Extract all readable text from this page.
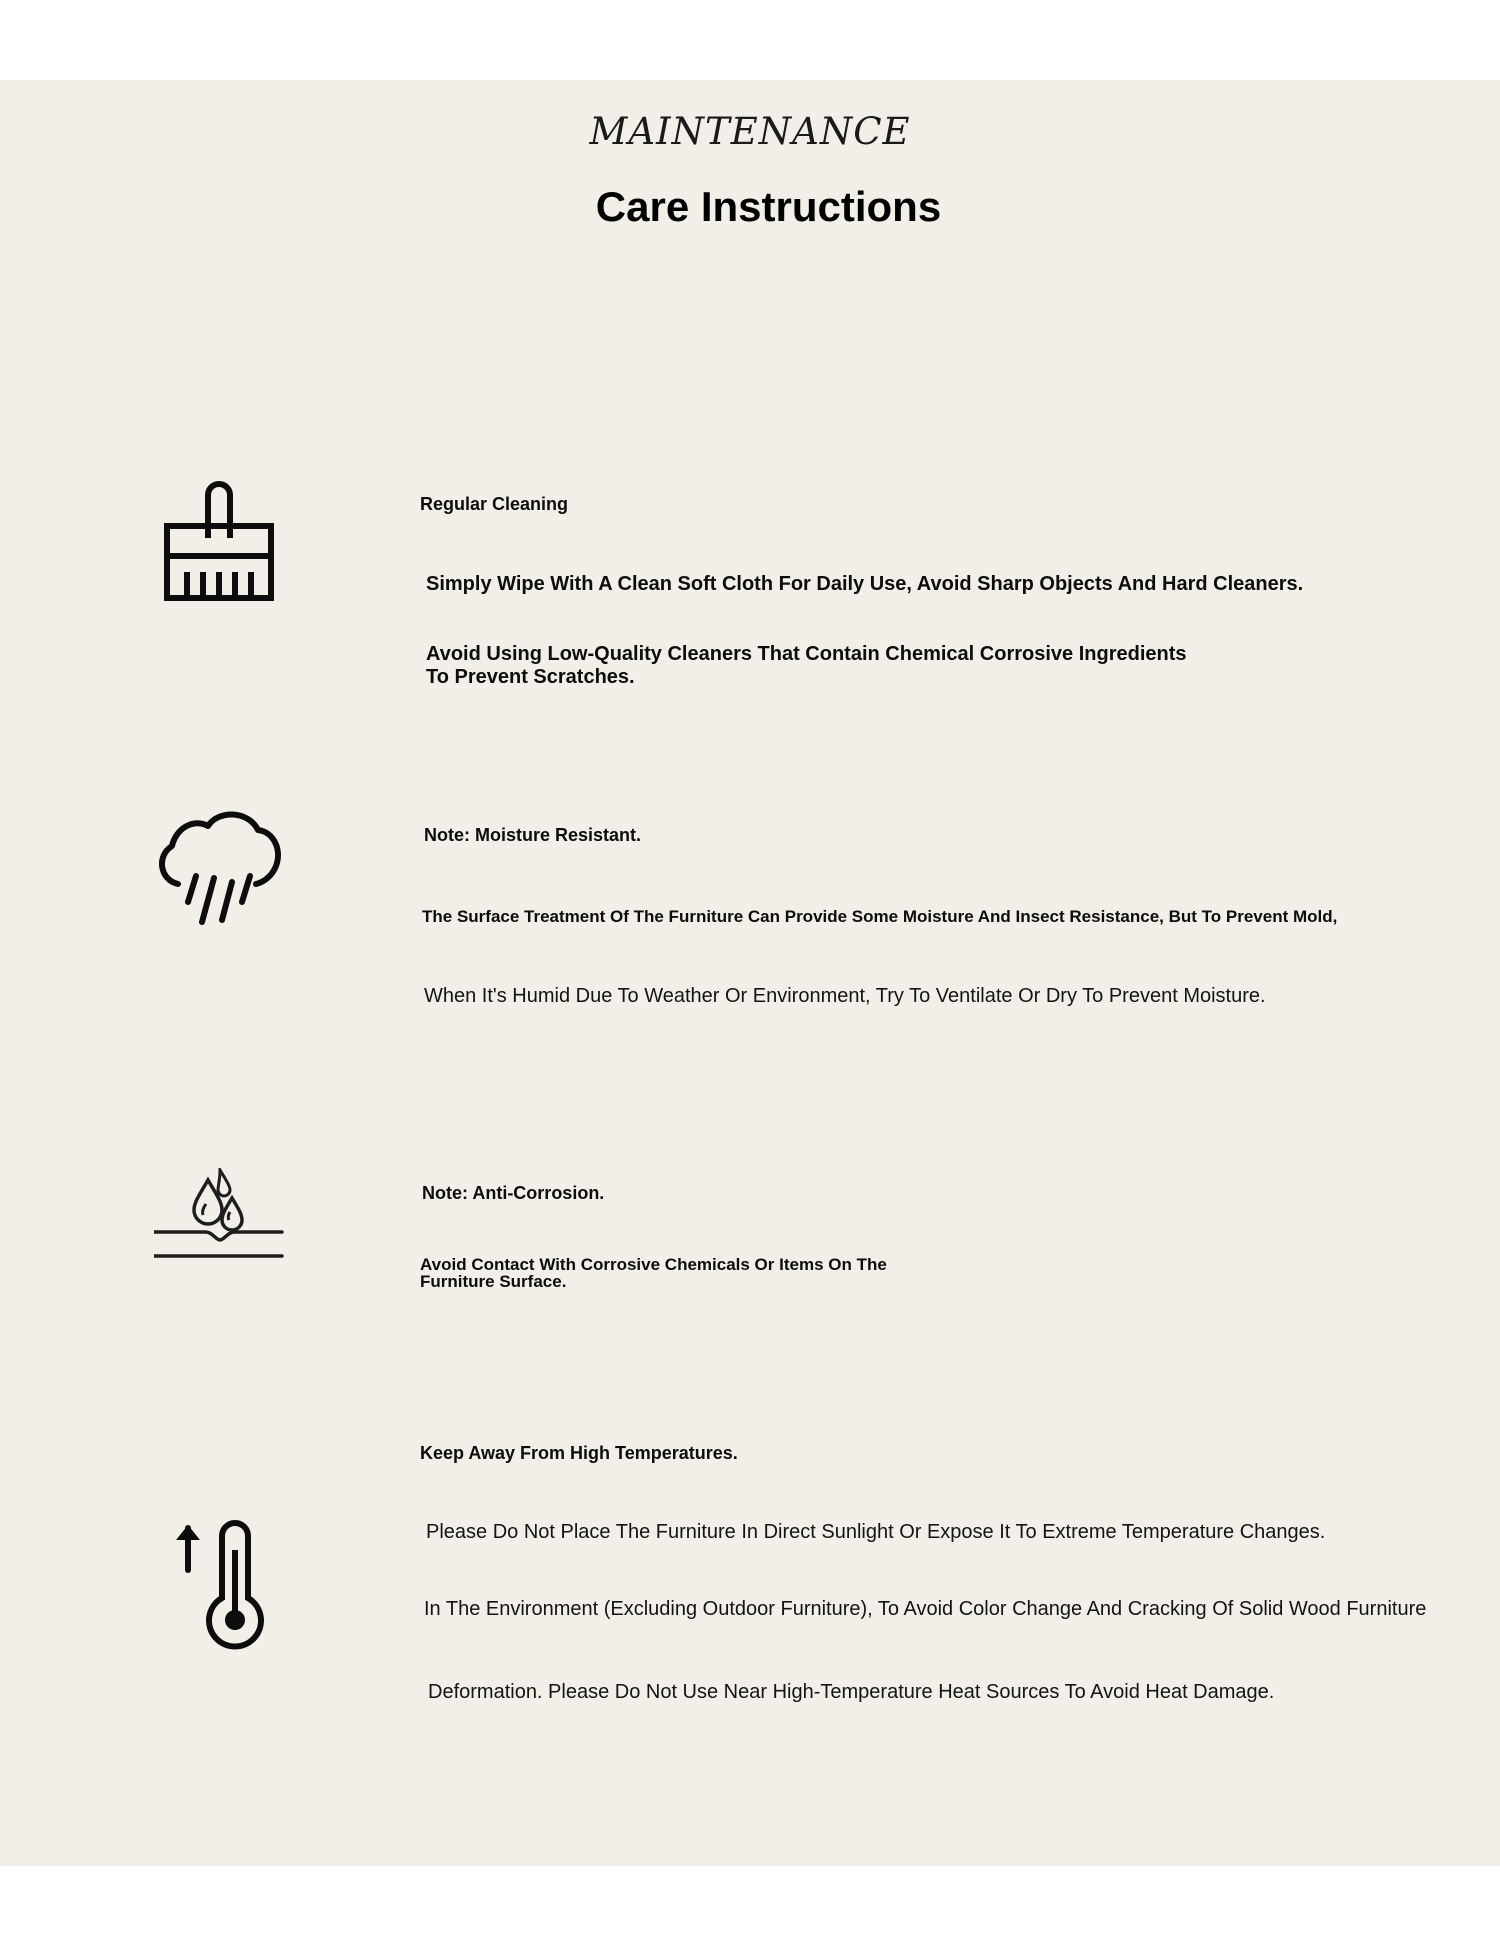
MAINTENANCE
Care Instructions
Regular Cleaning
Simply Wipe With A Clean Soft Cloth For Daily Use, Avoid Sharp Objects And Hard Cleaners.
Avoid Using Low-Quality Cleaners That Contain Chemical Corrosive Ingredients
To Prevent Scratches.
Note: Moisture Resistant.
The Surface Treatment Of The Furniture Can Provide Some Moisture And Insect Resistance, But To Prevent Mold,
When It's Humid Due To Weather Or Environment, Try To Ventilate Or Dry To Prevent Moisture.
Note: Anti-Corrosion.
Avoid Contact With Corrosive Chemicals Or Items On The
Furniture Surface.
Keep Away From High Temperatures.
Please Do Not Place The Furniture In Direct Sunlight Or Expose It To Extreme Temperature Changes.
In The Environment (Excluding Outdoor Furniture), To Avoid Color Change And Cracking Of Solid Wood Furniture
Deformation. Please Do Not Use Near High-Temperature Heat Sources To Avoid Heat Damage.
